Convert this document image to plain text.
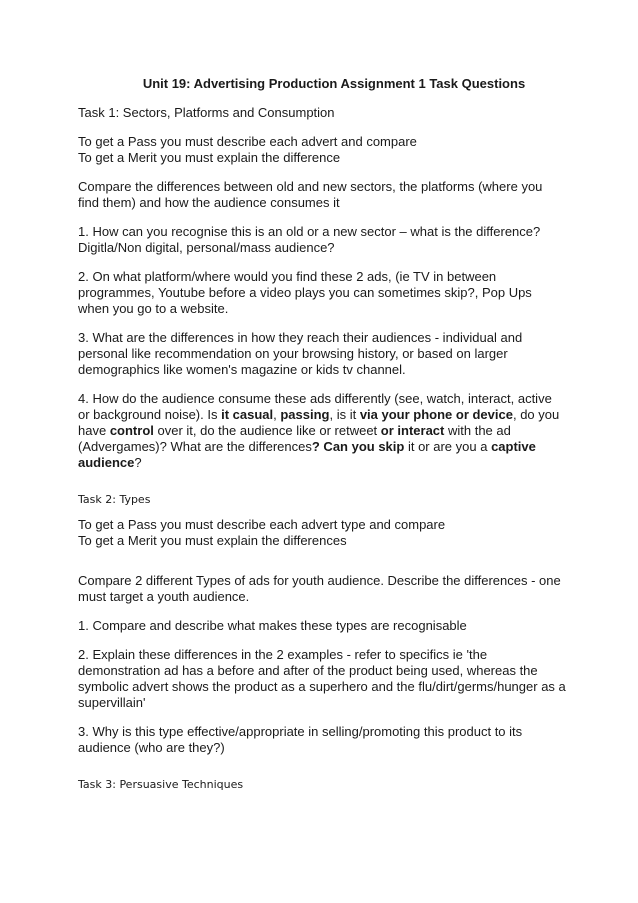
Unit 19: Advertising Production Assignment 1 Task Questions
Task 1: Sectors, Platforms and Consumption
To get a Pass you must describe each advert and compare
To get a Merit you must explain the difference
Compare the differences between old and new sectors, the platforms (where you
find them) and how the audience consumes it
1. How can you recognise this is an old or a new sector – what is the difference?
Digitla/Non digital, personal/mass audience?
2. On what platform/where would you find these 2 ads, (ie TV in between
programmes, Youtube before a video plays you can sometimes skip?, Pop Ups
when you go to a website.
3. What are the differences in how they reach their audiences - individual and
personal like recommendation on your browsing history, or based on larger
demographics like women's magazine or kids tv channel.
4. How do the audience consume these ads differently (see, watch, interact, active
or background noise). Is it casual, passing, is it via your phone or device, do you
have control over it, do the audience like or retweet or interact with the ad
(Advergames)? What are the differences? Can you skip it or are you a captive
audience?
Task 2: Types
To get a Pass you must describe each advert type and compare
To get a Merit you must explain the differences
Compare 2 different Types of ads for youth audience. Describe the differences - one
must target a youth audience.
1. Compare and describe what makes these types are recognisable
2. Explain these differences in the 2 examples - refer to specifics ie 'the
demonstration ad has a before and after of the product being used, whereas the
symbolic advert shows the product as a superhero and the flu/dirt/germs/hunger as a
supervillain'
3. Why is this type effective/appropriate in selling/promoting this product to its
audience (who are they?)
Task 3: Persuasive Techniques
